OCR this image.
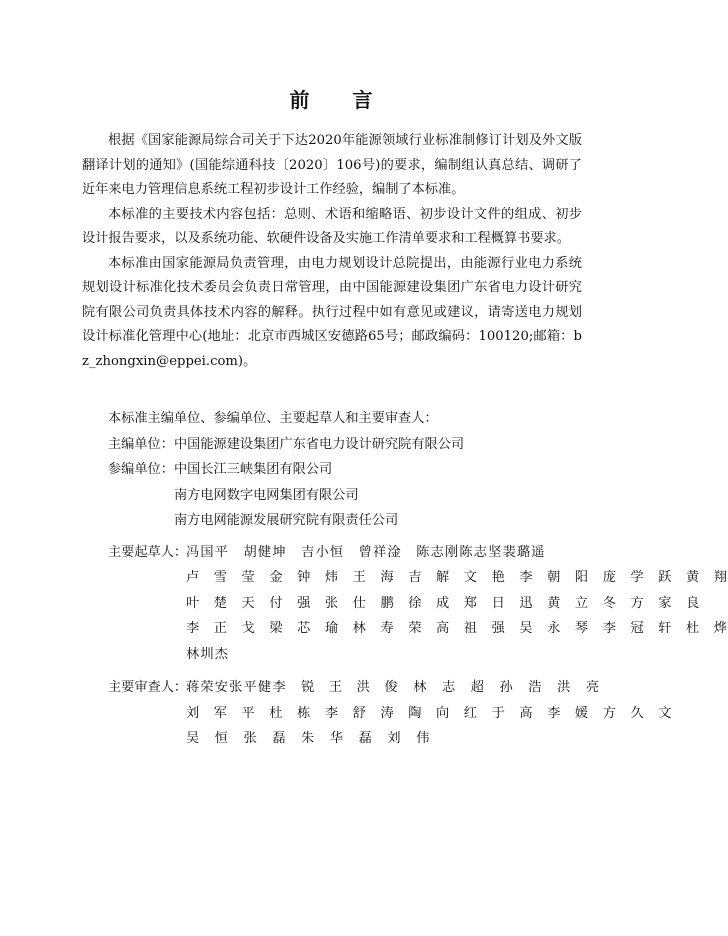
前 言

根据《国家能源局综合司关于下达2020年能源领域行业标准制修订计划及外文版翻译计划的通知》(国能综通科技〔2020〕106号)的要求，编制组认真总结、调研了近年来电力管理信息系统工程初步设计工作经验，编制了本标准。

本标准的主要技术内容包括：总则、术语和缩略语、初步设计文件的组成、初步设计报告要求，以及系统功能、软硬件设备及实施工作清单要求和工程概算书要求。

本标准由国家能源局负责管理，由电力规划设计总院提出，由能源行业电力系统规划设计标准化技术委员会负责日常管理，由中国能源建设集团广东省电力设计研究院有限公司负责具体技术内容的解释。执行过程中如有意见或建议，请寄送电力规划设计标准化管理中心(地址：北京市西城区安德路65号；邮政编码：100120;邮箱：bz_zhongxin@eppei.com)。

本标准主编单位、参编单位、主要起草人和主要审查人：
主编单位： 中国能源建设集团广东省电力设计研究院有限公司
参编单位： 中国长江三峡集团有限公司
南方电网数字电网集团有限公司
南方电网能源发展研究院有限责任公司
主要起草人：
冯国平　胡健坤　吉小恒　曾祥淦　陈志刚陈志坚裴璐遥
卢 雪 莹 金 钟 炜 王 海 吉 解 文 艳 李 朝 阳 庞 学 跃 黄 翔
叶 楚 天 付 强 张 仕 鹏 徐 成 郑 日 迅 黄 立 冬 方 家 良
李 正 戈 梁 芯 瑜 林 寿 荣 高 祖 强 吴 永 琴 李 冠 轩 杜 烨
林圳杰
主要审查人：
蒋荣安张平健李　锐 王 洪 俊　林　志　超　孙　浩　洪　亮
刘 军 平 杜 栋 李 舒 涛 陶 向 红 于 高 李 媛 方 久 文
吴　恒　张　磊　朱　华　磊　刘　伟
